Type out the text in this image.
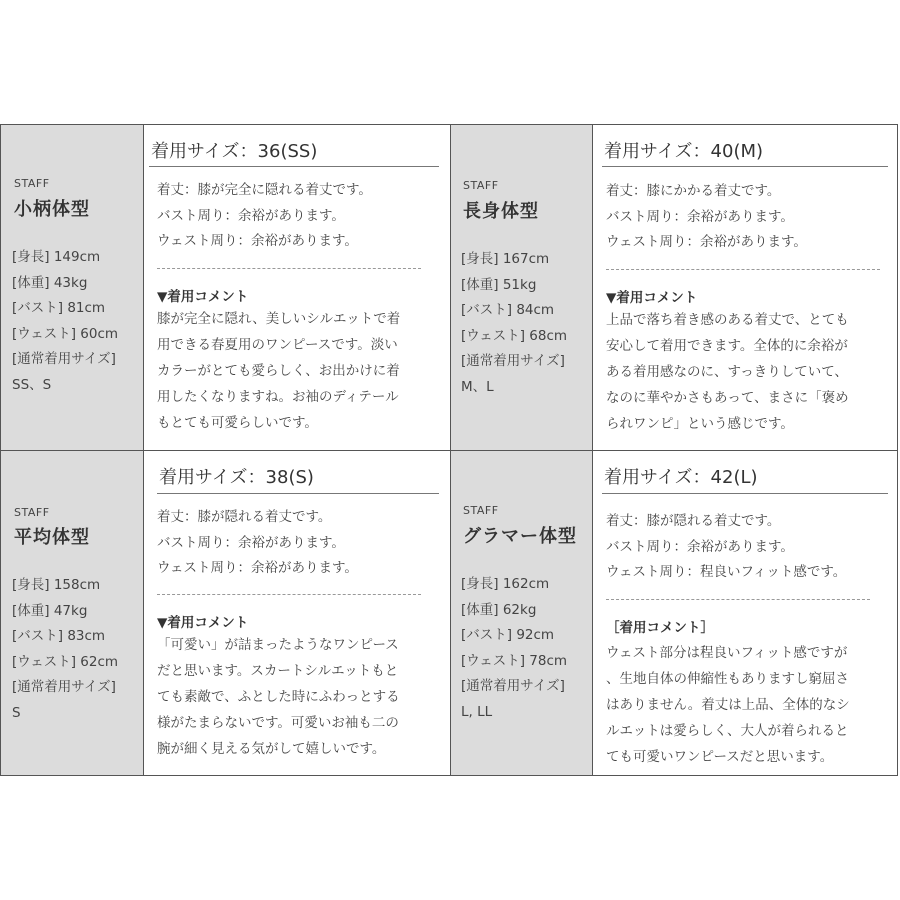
STAFF
小柄体型
[身長] 149cm
[体重] 43kg
[バスト] 81cm
[ウェスト] 60cm
[通常着用サイズ]
SS、S
着用サイズ：36(SS)
着丈：膝が完全に隠れる着丈です。
バスト周り：余裕があります。
ウェスト周り：余裕があります。
▼着用コメント
膝が完全に隠れ、美しいシルエットで着
用できる春夏用のワンピースです。淡い
カラーがとても愛らしく、お出かけに着
用したくなりますね。お袖のディテール
もとても可愛らしいです。
STAFF
長身体型
[身長] 167cm
[体重] 51kg
[バスト] 84cm
[ウェスト] 68cm
[通常着用サイズ]
M、L
着用サイズ：40(M)
着丈：膝にかかる着丈です。
バスト周り：余裕があります。
ウェスト周り：余裕があります。
▼着用コメント
上品で落ち着き感のある着丈で、とても
安心して着用できます。全体的に余裕が
ある着用感なのに、すっきりしていて、
なのに華やかさもあって、まさに「褒め
られワンピ」という感じです。
STAFF
平均体型
[身長] 158cm
[体重] 47kg
[バスト] 83cm
[ウェスト] 62cm
[通常着用サイズ]
S
着用サイズ：38(S)
着丈：膝が隠れる着丈です。
バスト周り：余裕があります。
ウェスト周り：余裕があります。
▼着用コメント
「可愛い」が詰まったようなワンピース
だと思います。スカートシルエットもと
ても素敵で、ふとした時にふわっとする
様がたまらないです。可愛いお袖も二の
腕が細く見える気がして嬉しいです。
STAFF
グラマー体型
[身長] 162cm
[体重] 62kg
[バスト] 92cm
[ウェスト] 78cm
[通常着用サイズ]
L, LL
着用サイズ：42(L)
着丈：膝が隠れる着丈です。
バスト周り：余裕があります。
ウェスト周り：程良いフィット感です。
［着用コメント］
ウェスト部分は程良いフィット感ですが
、生地自体の伸縮性もありますし窮屈さ
はありません。着丈は上品、全体的なシ
ルエットは愛らしく、大人が着られると
ても可愛いワンピースだと思います。
